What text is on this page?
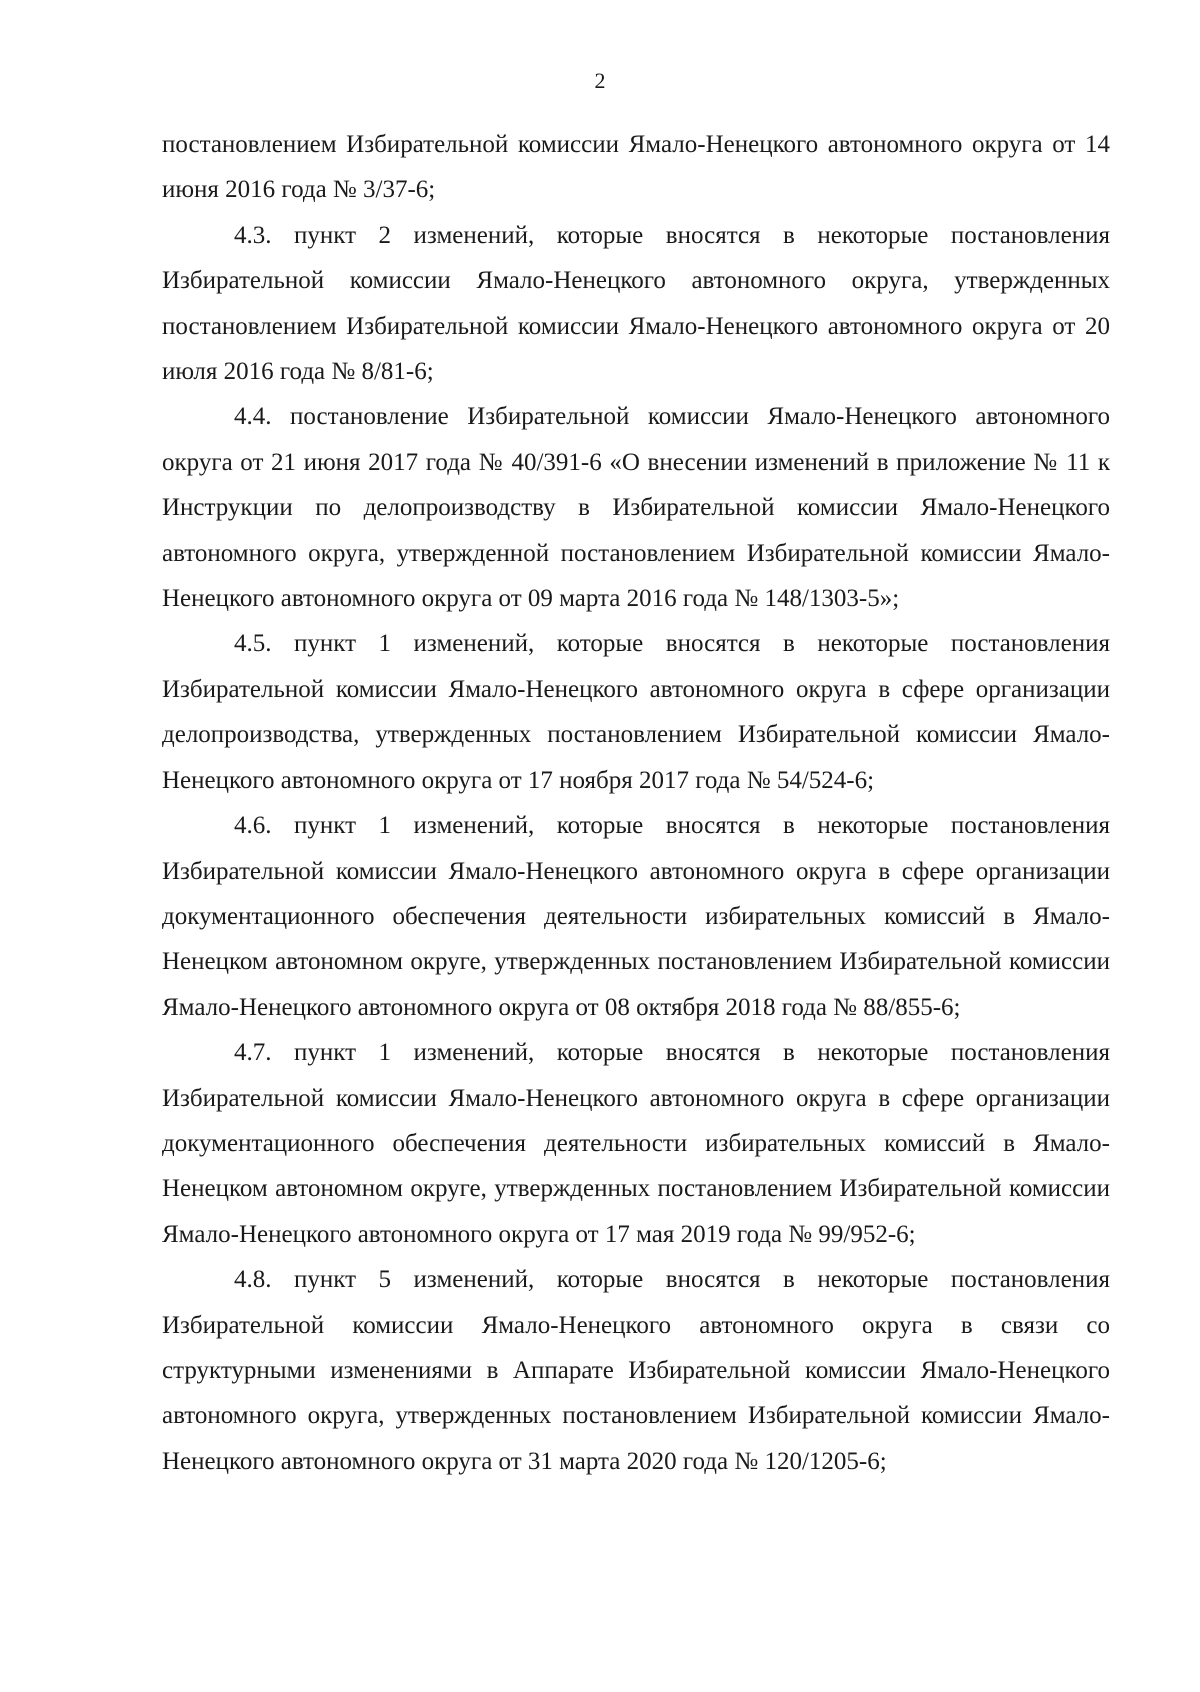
2

постановлением Избирательной комиссии Ямало-Ненецкого автономного округа от 14 июня 2016 года № 3/37-6;

4.3. пункт 2 изменений, которые вносятся в некоторые постановления Избирательной комиссии Ямало-Ненецкого автономного округа, утвержденных постановлением Избирательной комиссии Ямало-Ненецкого автономного округа от 20 июля 2016 года № 8/81-6;

4.4. постановление Избирательной комиссии Ямало-Ненецкого автономного округа от 21 июня 2017 года № 40/391-6 «О внесении изменений в приложение № 11 к Инструкции по делопроизводству в Избирательной комиссии Ямало-Ненецкого автономного округа, утвержденной постановлением Избирательной комиссии Ямало-Ненецкого автономного округа от 09 марта 2016 года № 148/1303-5»;

4.5. пункт 1 изменений, которые вносятся в некоторые постановления Избирательной комиссии Ямало-Ненецкого автономного округа в сфере организации делопроизводства, утвержденных постановлением Избирательной комиссии Ямало-Ненецкого автономного округа от 17 ноября 2017 года № 54/524-6;

4.6. пункт 1 изменений, которые вносятся в некоторые постановления Избирательной комиссии Ямало-Ненецкого автономного округа в сфере организации документационного обеспечения деятельности избирательных комиссий в Ямало-Ненецком автономном округе, утвержденных постановлением Избирательной комиссии Ямало-Ненецкого автономного округа от 08 октября 2018 года № 88/855-6;

4.7. пункт 1 изменений, которые вносятся в некоторые постановления Избирательной комиссии Ямало-Ненецкого автономного округа в сфере организации документационного обеспечения деятельности избирательных комиссий в Ямало-Ненецком автономном округе, утвержденных постановлением Избирательной комиссии Ямало-Ненецкого автономного округа от 17 мая 2019 года № 99/952-6;

4.8. пункт 5 изменений, которые вносятся в некоторые постановления Избирательной комиссии Ямало-Ненецкого автономного округа в связи со структурными изменениями в Аппарате Избирательной комиссии Ямало-Ненецкого автономного округа, утвержденных постановлением Избирательной комиссии Ямало-Ненецкого автономного округа от 31 марта 2020 года № 120/1205-6;
